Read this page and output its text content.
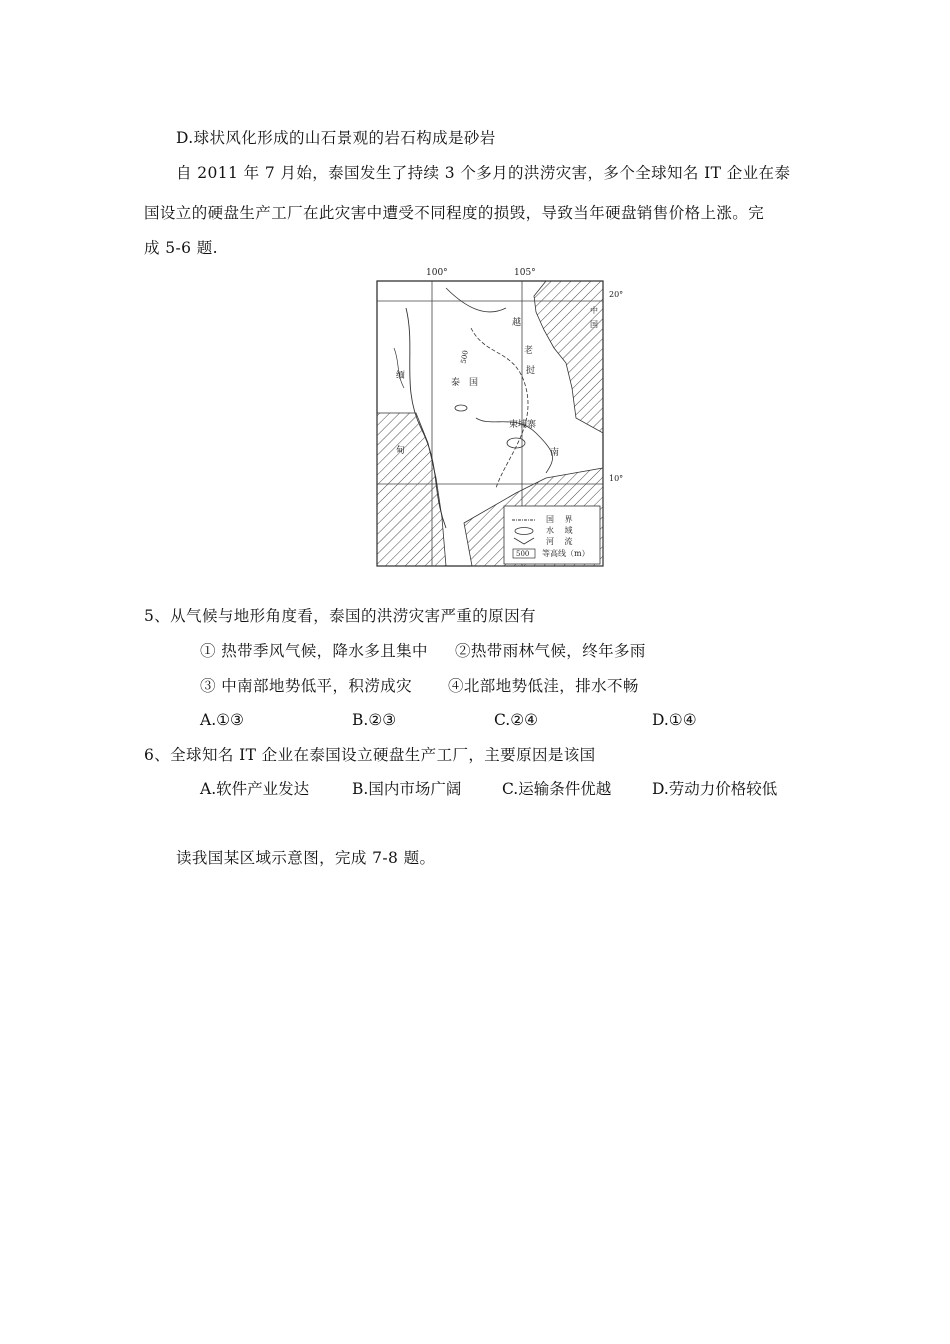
D.球状风化形成的山石景观的岩石构成是砂岩
自 2011 年 7 月始，泰国发生了持续 3 个多月的洪涝灾害，多个全球知名 IT 企业在泰
国设立的硬盘生产工厂在此灾害中遭受不同程度的损毁，导致当年硬盘销售价格上涨。完
成 5-6 题.
100°	105°
20°
10°
泰　国
柬埔寨
缅
甸
老
挝
越
南
中
国
500
国 界
水 域
河 流
等高线（m）
500
5、从气候与地形角度看，泰国的洪涝灾害严重的原因有
① 热带季风气候，降水多且集中 ②热带雨林气候，终年多雨
③ 中南部地势低平，积涝成灾 ④北部地势低洼，排水不畅
A.①③	B.②③	C.②④	D.①④
6、全球知名 IT 企业在泰国设立硬盘生产工厂，主要原因是该国
A.软件产业发达	B.国内市场广阔	C.运输条件优越	D.劳动力价格较低
读我国某区域示意图，完成 7-8 题。
